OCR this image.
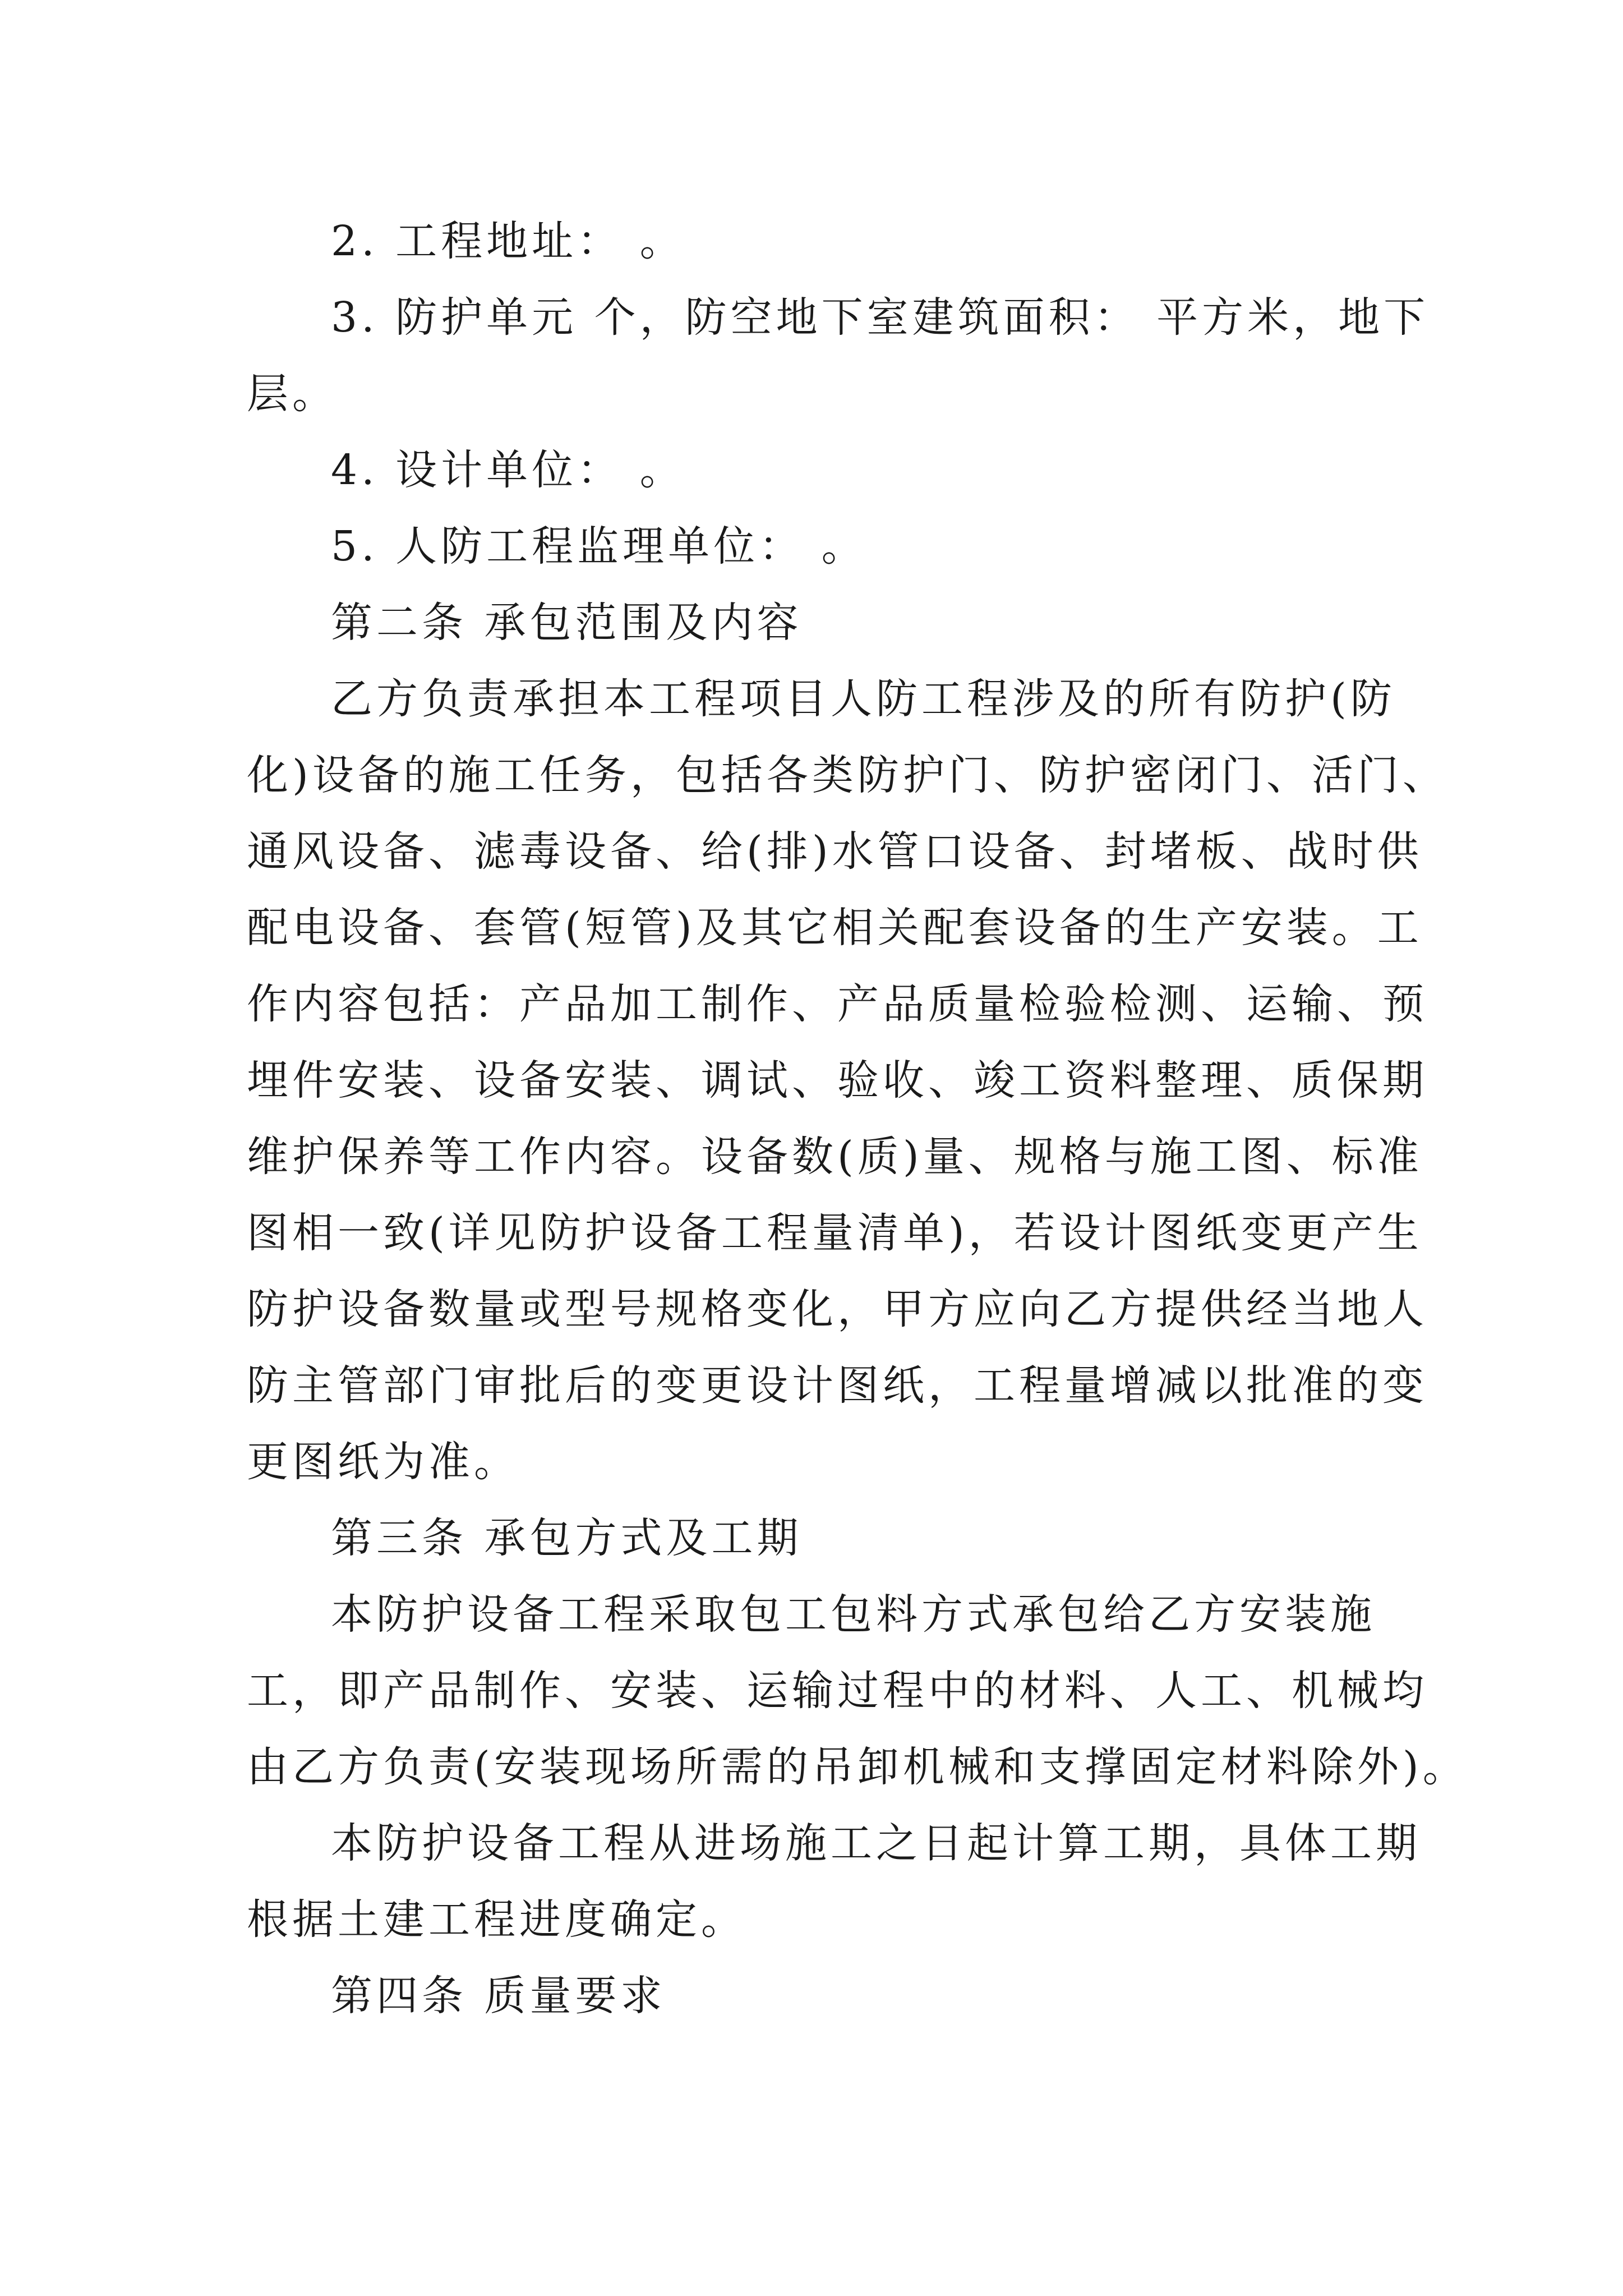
2. 工程地址： 。

3. 防护单元 个，防空地下室建筑面积： 平方米，地下
层。

4. 设计单位： 。

5. 人防工程监理单位： 。

第二条 承包范围及内容

乙方负责承担本工程项目人防工程涉及的所有防护(防
化)设备的施工任务，包括各类防护门、防护密闭门、活门、
通风设备、滤毒设备、给(排)水管口设备、封堵板、战时供
配电设备、套管(短管)及其它相关配套设备的生产安装。工
作内容包括：产品加工制作、产品质量检验检测、运输、预
埋件安装、设备安装、调试、验收、竣工资料整理、质保期
维护保养等工作内容。设备数(质)量、规格与施工图、标准
图相一致(详见防护设备工程量清单)，若设计图纸变更产生
防护设备数量或型号规格变化，甲方应向乙方提供经当地人
防主管部门审批后的变更设计图纸，工程量增减以批准的变
更图纸为准。

第三条 承包方式及工期

本防护设备工程采取包工包料方式承包给乙方安装施
工，即产品制作、安装、运输过程中的材料、人工、机械均
由乙方负责(安装现场所需的吊卸机械和支撑固定材料除外)。

本防护设备工程从进场施工之日起计算工期，具体工期
根据土建工程进度确定。

第四条 质量要求
